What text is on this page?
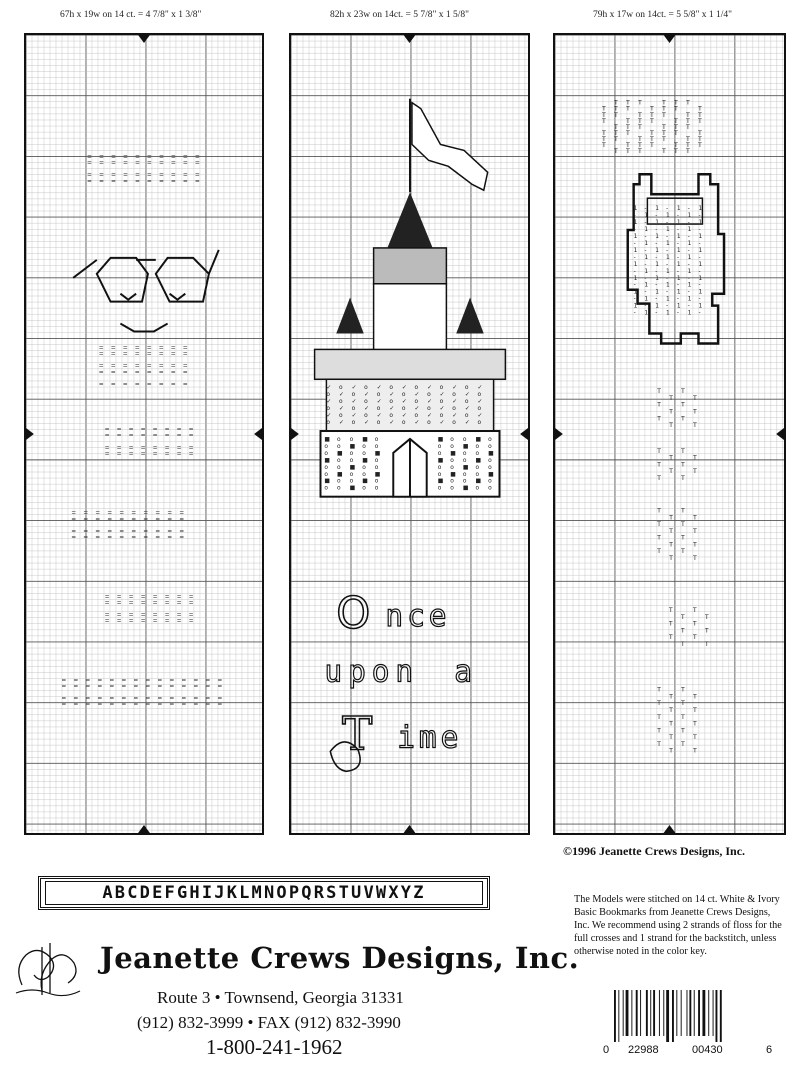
67h x 19w on 14 ct. = 4 7/8" x 1 3/8"	82h x 23w on 14ct. = 5 7/8" x 1 5/8"	79h x 17w on 14ct. = 5 5/8" x 1 1/4"
= = = = = = = = = =
= = = = = = = = = =
= = = = = = = = = =
= = = = = = = = = =
= = = = = = = =
= = = = = = = =
= = = = = = = =
= = = = = = = =
= = = = = = = =
= = = = = = = =
= = = = = = = =
= = = = = = = =
= = = = = = = =
= = = = = = = = = =
= = = = = = = = = =
= = = = = = = = = =
= = = = = = = = = =
= = = = = = = =
= = = = = = = =
= = = = = = = =
= = = = = = = =
= = = = = = = = = = = = = =
= = = = = = = = = = = = = =
= = = = = = = = = = = = = =
= = = = = = = = = = = = = =
✓ o ✓ o ✓ o ✓ o ✓ o ✓ o ✓
o ✓ o ✓ o ✓ o ✓ o ✓ o ✓ o
✓ o ✓ o ✓ o ✓ o ✓ o ✓ o ✓
o ✓ o ✓ o ✓ o ✓ o ✓ o ✓ o
✓ o ✓ o ✓ o ✓ o ✓ o ✓ o ✓
o ✓ o ✓ o ✓ o ✓ o ✓ o ✓ o
■ o o ■ o	■ o o ■ o
o o ■ o o	o o ■ o o
o ■ o o ■	o ■ o o ■
■ o o ■ o	■ o o ■ o
o o ■ o o	o o ■ o o
o ■ o o ■	o ■ o o ■
■ o o ■ o	■ o o ■ o
o o ■ o o	o o ■ o o
O nce
upon a
T ime
T T T	T T T
T T T	T T T	T
T T	T T T	T T
T	T T T	T T T
T T T	T T T
T T T	T T T	T
T T	T T T	T T
T	T T T	T T T
T T T	T T T
1 - 1 - 1 - 1
- 1 - 1 - 1 -
1 - 1 - 1 - 1
- 1 - 1 - 1 -
1 - 1 - 1 - 1
- 1 - 1 - 1 -
1 - 1 - 1 - 1
- 1 - 1 - 1 -
1 - 1 - 1 - 1
- 1 - 1 - 1 -
1 - 1 - 1 - 1
- 1 - 1 - 1 -
1 - 1 - 1 - 1
- 1 - 1 - 1 -
1 - 1 - 1 - 1
- 1 - 1 - 1 -
T	T
T	T
T	T
T	T
T	T
T	T
T	T
T	T
T	T
T	T
T	T
T	T
T	T
T	T
T	T
T	T
T	T
T	T
T	T
T	T
T	T
T	T
T	T
T	T
T	T
T	T
T	T
T	T
T	T
T	T
T	T
T	T
T	T
T	T
T	T
©1996 Jeanette Crews Designs, Inc.
ABCDEFGHIJKLMNOPQRSTUVWXYZ	The Models were stitched on 14 ct. White & Ivory Basic Bookmarks from Jeanette Crews Designs, Inc. We recommend using 2 strands of floss for the full crosses and 1 strand for the backstitch, unless otherwise noted in the color key.
Jeanette Crews Designs, Inc.
Route 3 • Townsend, Georgia 31331
(912) 832-3999 • FAX (912) 832-3990
1-800-241-1962	0 22988	00430	6
